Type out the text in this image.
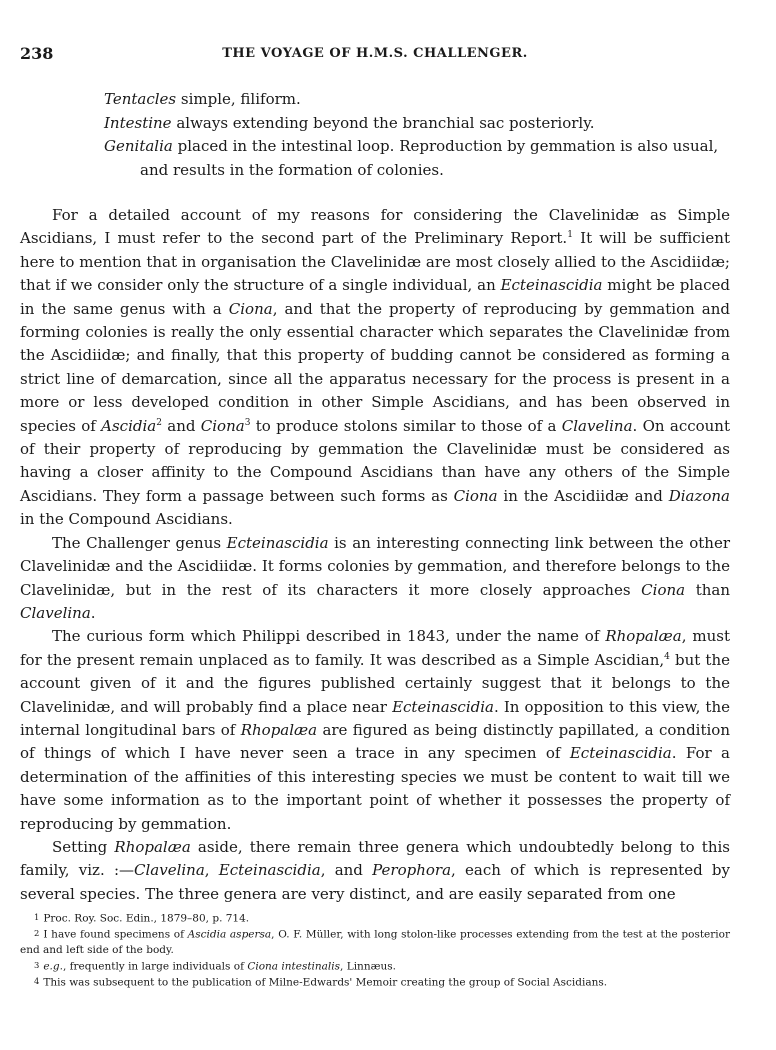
238	THE VOYAGE OF H.M.S. CHALLENGER.
Tentacles simple, filiform.
Intestine always extending beyond the branchial sac posteriorly.
Genitalia placed in the intestinal loop. Reproduction by gemmation is also usual,
and results in the formation of colonies.

For a detailed account of my reasons for considering the Clavelinidæ as Simple Ascidians, I must refer to the second part of the Preliminary Report.$^1$ It will be sufficient here to mention that in organisation the Clavelinidæ are most closely allied to the Ascidiidæ; that if we consider only the structure of a single individual, an Ecteinascidia might be placed in the same genus with a Ciona, and that the property of reproducing by gemmation and forming colonies is really the only essential character which separates the Clavelinidæ from the Ascidiidæ; and finally, that this property of budding cannot be considered as forming a strict line of demarcation, since all the apparatus necessary for the process is present in a more or less developed condition in other Simple Ascidians, and has been observed in species of Ascidia$^2$ and Ciona$^3$ to produce stolons similar to those of a Clavelina. On account of their property of reproducing by gemmation the Clavelinidæ must be considered as having a closer affinity to the Compound Ascidians than have any others of the Simple Ascidians. They form a passage between such forms as Ciona in the Ascidiidæ and Diazona in the Compound Ascidians.

The Challenger genus Ecteinascidia is an interesting connecting link between the other Clavelinidæ and the Ascidiidæ. It forms colonies by gemmation, and therefore belongs to the Clavelinidæ, but in the rest of its characters it more closely approaches Ciona than Clavelina.

The curious form which Philippi described in 1843, under the name of Rhopalæa, must for the present remain unplaced as to family. It was described as a Simple Ascidian,$^4$ but the account given of it and the figures published certainly suggest that it belongs to the Clavelinidæ, and will probably find a place near Ecteinascidia. In opposition to this view, the internal longitudinal bars of Rhopalæa are figured as being distinctly papillated, a condition of things of which I have never seen a trace in any specimen of Ecteinascidia. For a determination of the affinities of this interesting species we must be content to wait till we have some information as to the important point of whether it possesses the property of reproducing by gemmation.

Setting Rhopalæa aside, there remain three genera which undoubtedly belong to this family, viz. :—Clavelina, Ecteinascidia, and Perophora, each of which is represented by several species. The three genera are very distinct, and are easily separated from one

1 Proc. Roy. Soc. Edin., 1879–80, p. 714.
2 I have found specimens of Ascidia aspersa, O. F. Müller, with long stolon-like processes extending from the test at the posterior end and left side of the body.
3 e.g., frequently in large individuals of Ciona intestinalis, Linnæus.
4 This was subsequent to the publication of Milne-Edwards' Memoir creating the group of Social Ascidians.
